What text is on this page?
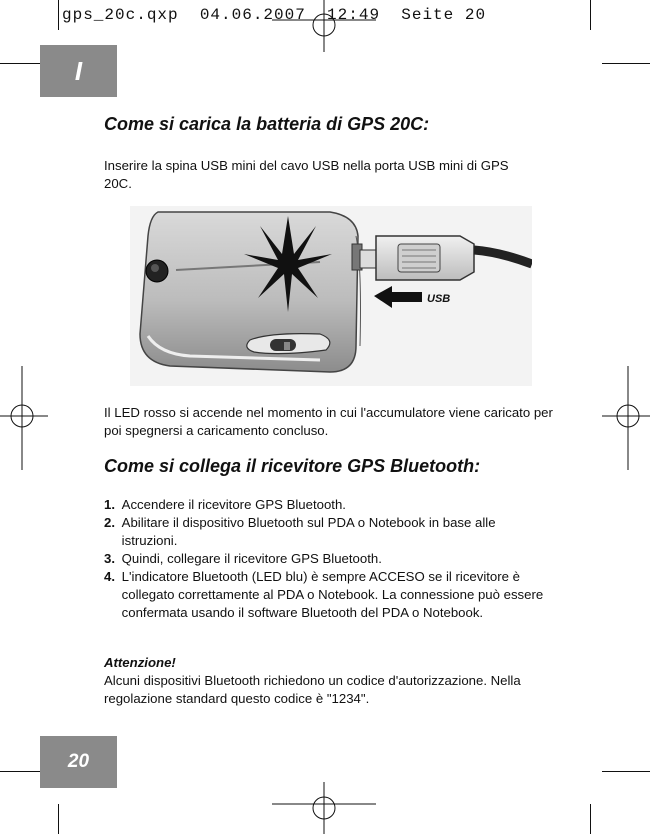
gps_20c.qxp  04.06.2007  12:49  Seite 20
I
20
Come si carica la batteria di GPS 20C:

Inserire la spina USB mini del cavo USB nella porta USB mini di GPS 20C.

USB

Il LED rosso si accende nel momento in cui l'accumulatore viene caricato per poi spegnersi a caricamento concluso.

Come si collega il ricevitore GPS Bluetooth:
1.
Accendere il ricevitore GPS Bluetooth.
2.
Abilitare il dispositivo Bluetooth sul PDA o Notebook in base alle istruzioni.
3.
Quindi, collegare il ricevitore GPS Bluetooth.
4.
L'indicatore Bluetooth (LED blu) è sempre ACCESO se il ricevitore è collegato correttamente al PDA o Notebook. La connessione può essere confermata usando il software Bluetooth del PDA o Notebook.

Attenzione!
Alcuni dispositivi Bluetooth richiedono un codice d'autorizzazione. Nella regolazione standard questo codice è "1234".
